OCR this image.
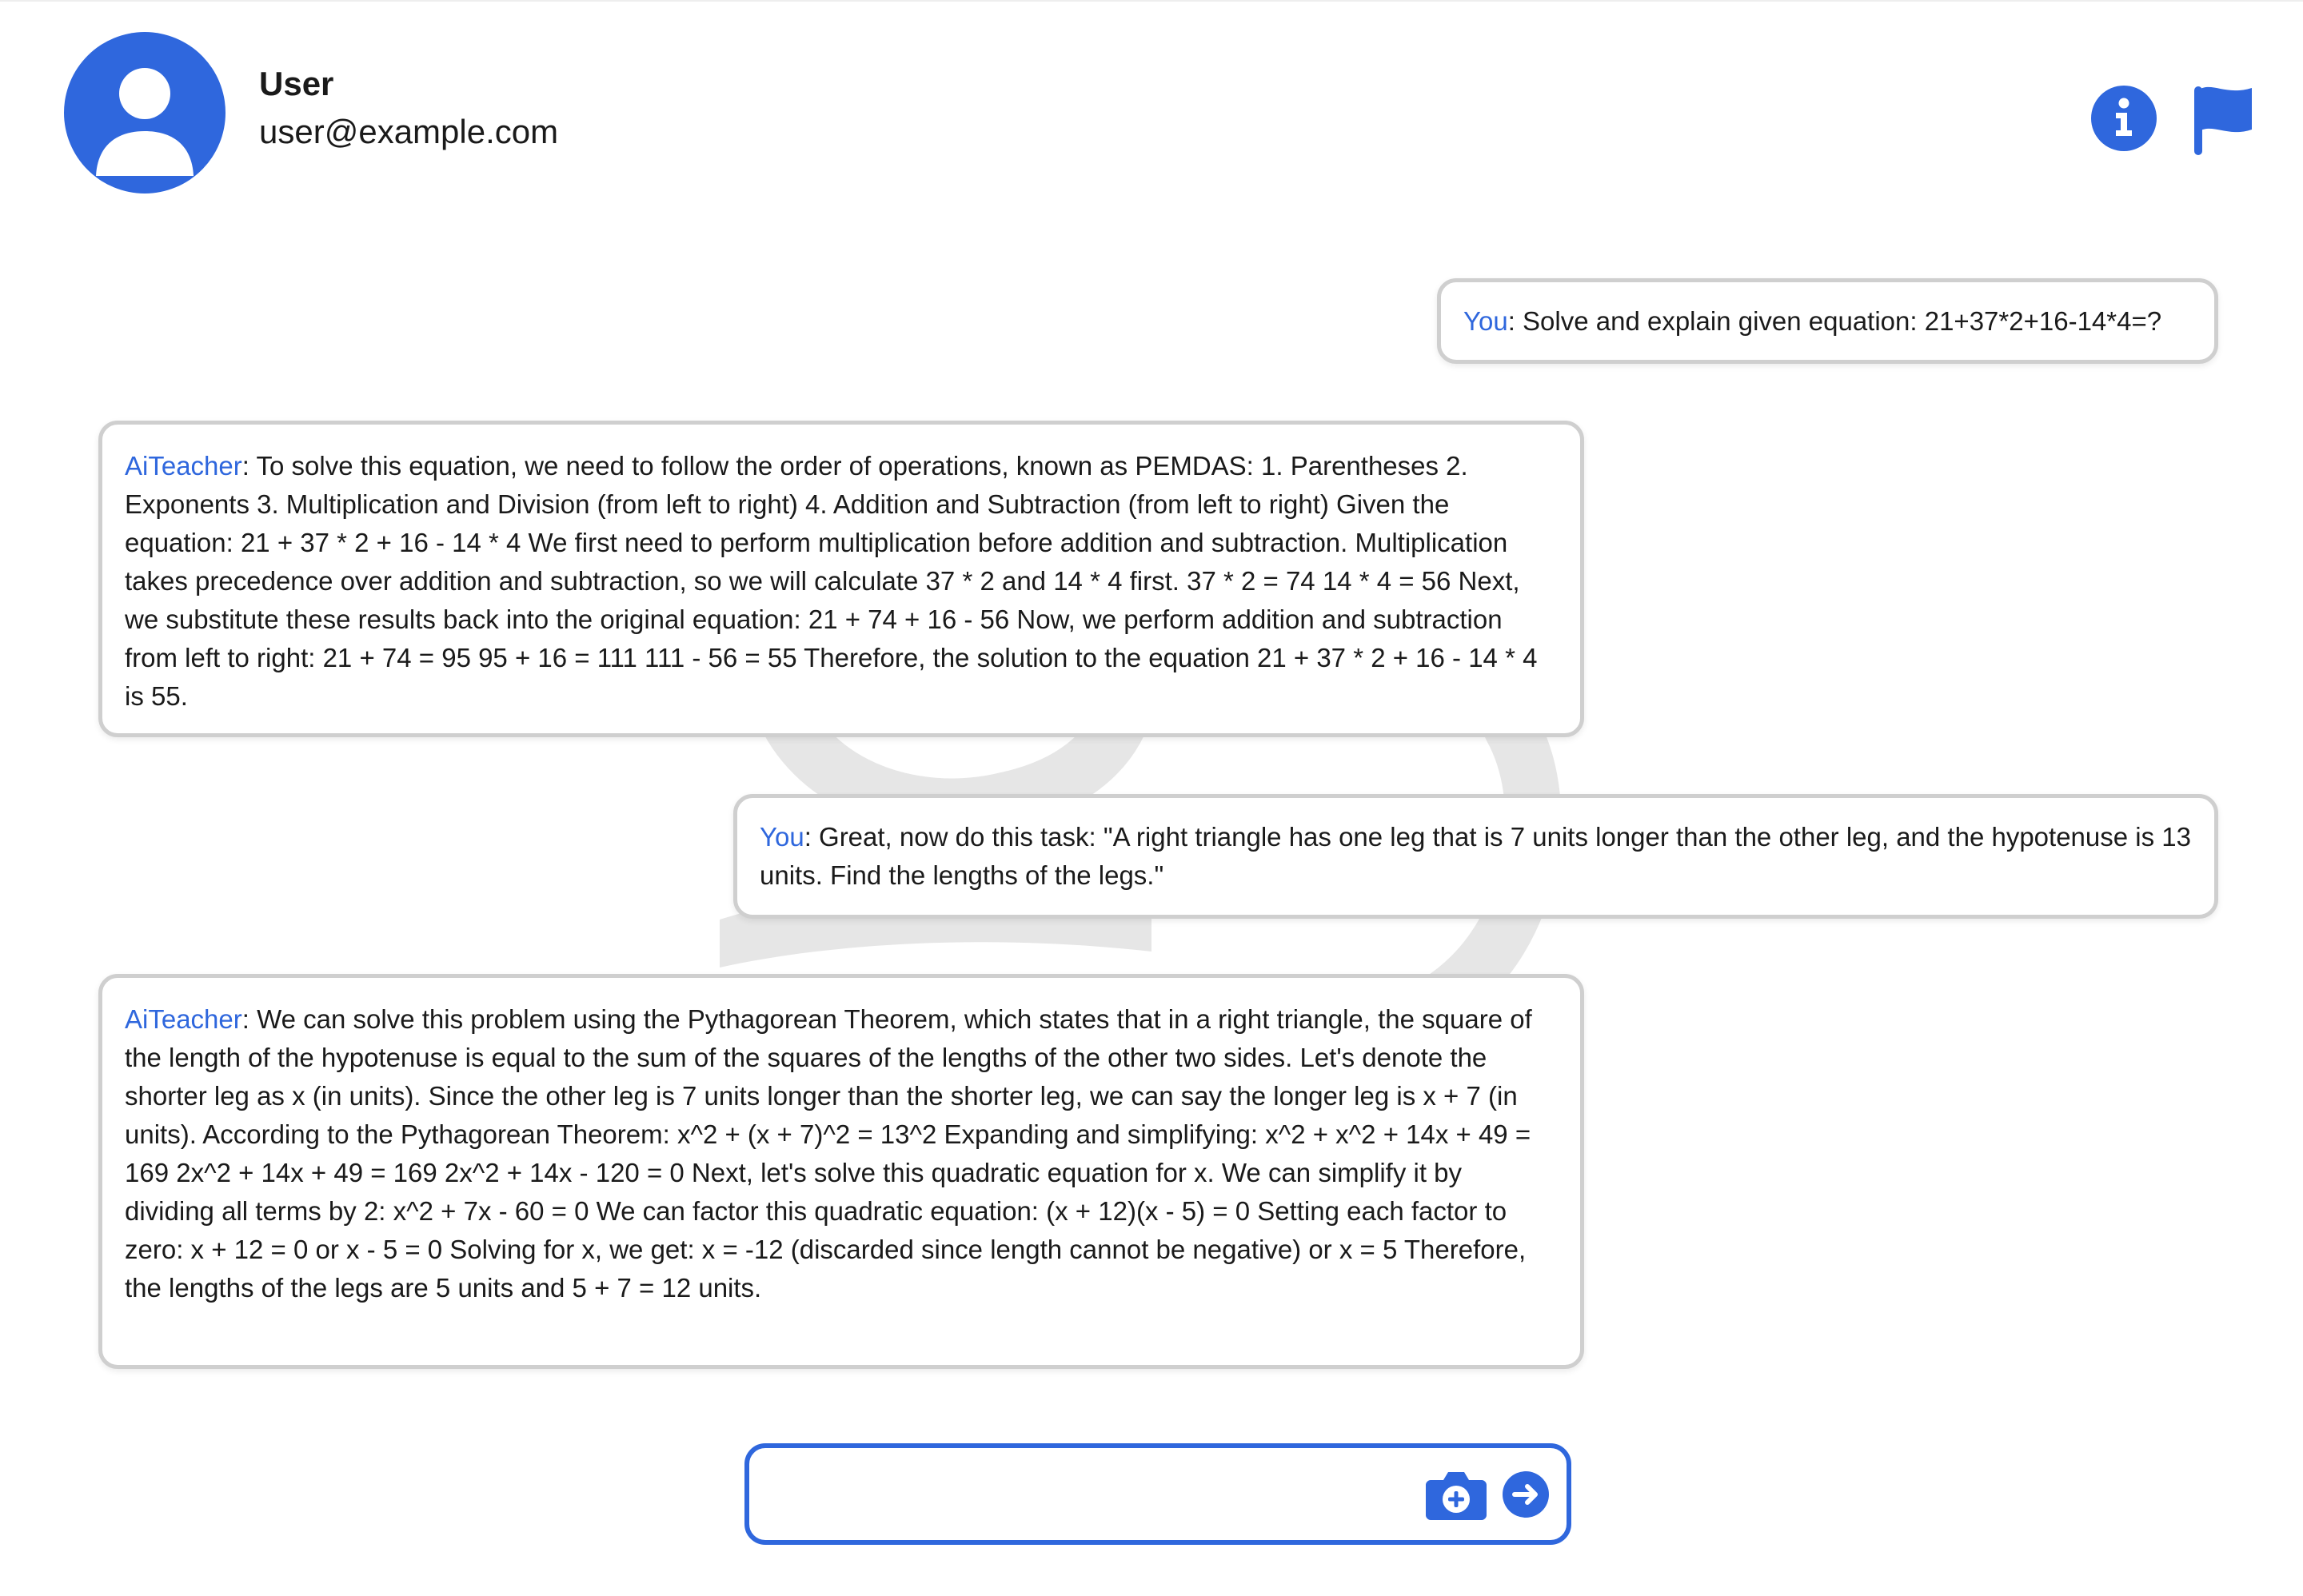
User
user@example.com
You: Solve and explain given equation: 21+37*2+16-14*4=?
AiTeacher: To solve this equation, we need to follow the order of operations, known as PEMDAS: 1. Parentheses 2. Exponents 3. Multiplication and Division (from left to right) 4. Addition and Subtraction (from left to right) Given the equation: 21 + 37 * 2 + 16 - 14 * 4 We first need to perform multiplication before addition and subtraction. Multiplication takes precedence over addition and subtraction, so we will calculate 37 * 2 and 14 * 4 first. 37 * 2 = 74 14 * 4 = 56 Next, we substitute these results back into the original equation: 21 + 74 + 16 - 56 Now, we perform addition and subtraction from left to right: 21 + 74 = 95 95 + 16 = 111 111 - 56 = 55 Therefore, the solution to the equation 21 + 37 * 2 + 16 - 14 * 4 is 55.
You: Great, now do this task: "A right triangle has one leg that is 7 units longer than the other leg, and the hypotenuse is 13 units. Find the lengths of the legs."
AiTeacher: We can solve this problem using the Pythagorean Theorem, which states that in a right triangle, the square of the length of the hypotenuse is equal to the sum of the squares of the lengths of the other two sides. Let's denote the shorter leg as x (in units). Since the other leg is 7 units longer than the shorter leg, we can say the longer leg is x + 7 (in units). According to the Pythagorean Theorem: x^2 + (x + 7)^2 = 13^2 Expanding and simplifying: x^2 + x^2 + 14x + 49 = 169 2x^2 + 14x + 49 = 169 2x^2 + 14x - 120 = 0 Next, let's solve this quadratic equation for x. We can simplify it by dividing all terms by 2: x^2 + 7x - 60 = 0 We can factor this quadratic equation: (x + 12)(x - 5) = 0 Setting each factor to zero: x + 12 = 0 or x - 5 = 0 Solving for x, we get: x = -12 (discarded since length cannot be negative) or x = 5 Therefore, the lengths of the legs are 5 units and 5 + 7 = 12 units.
